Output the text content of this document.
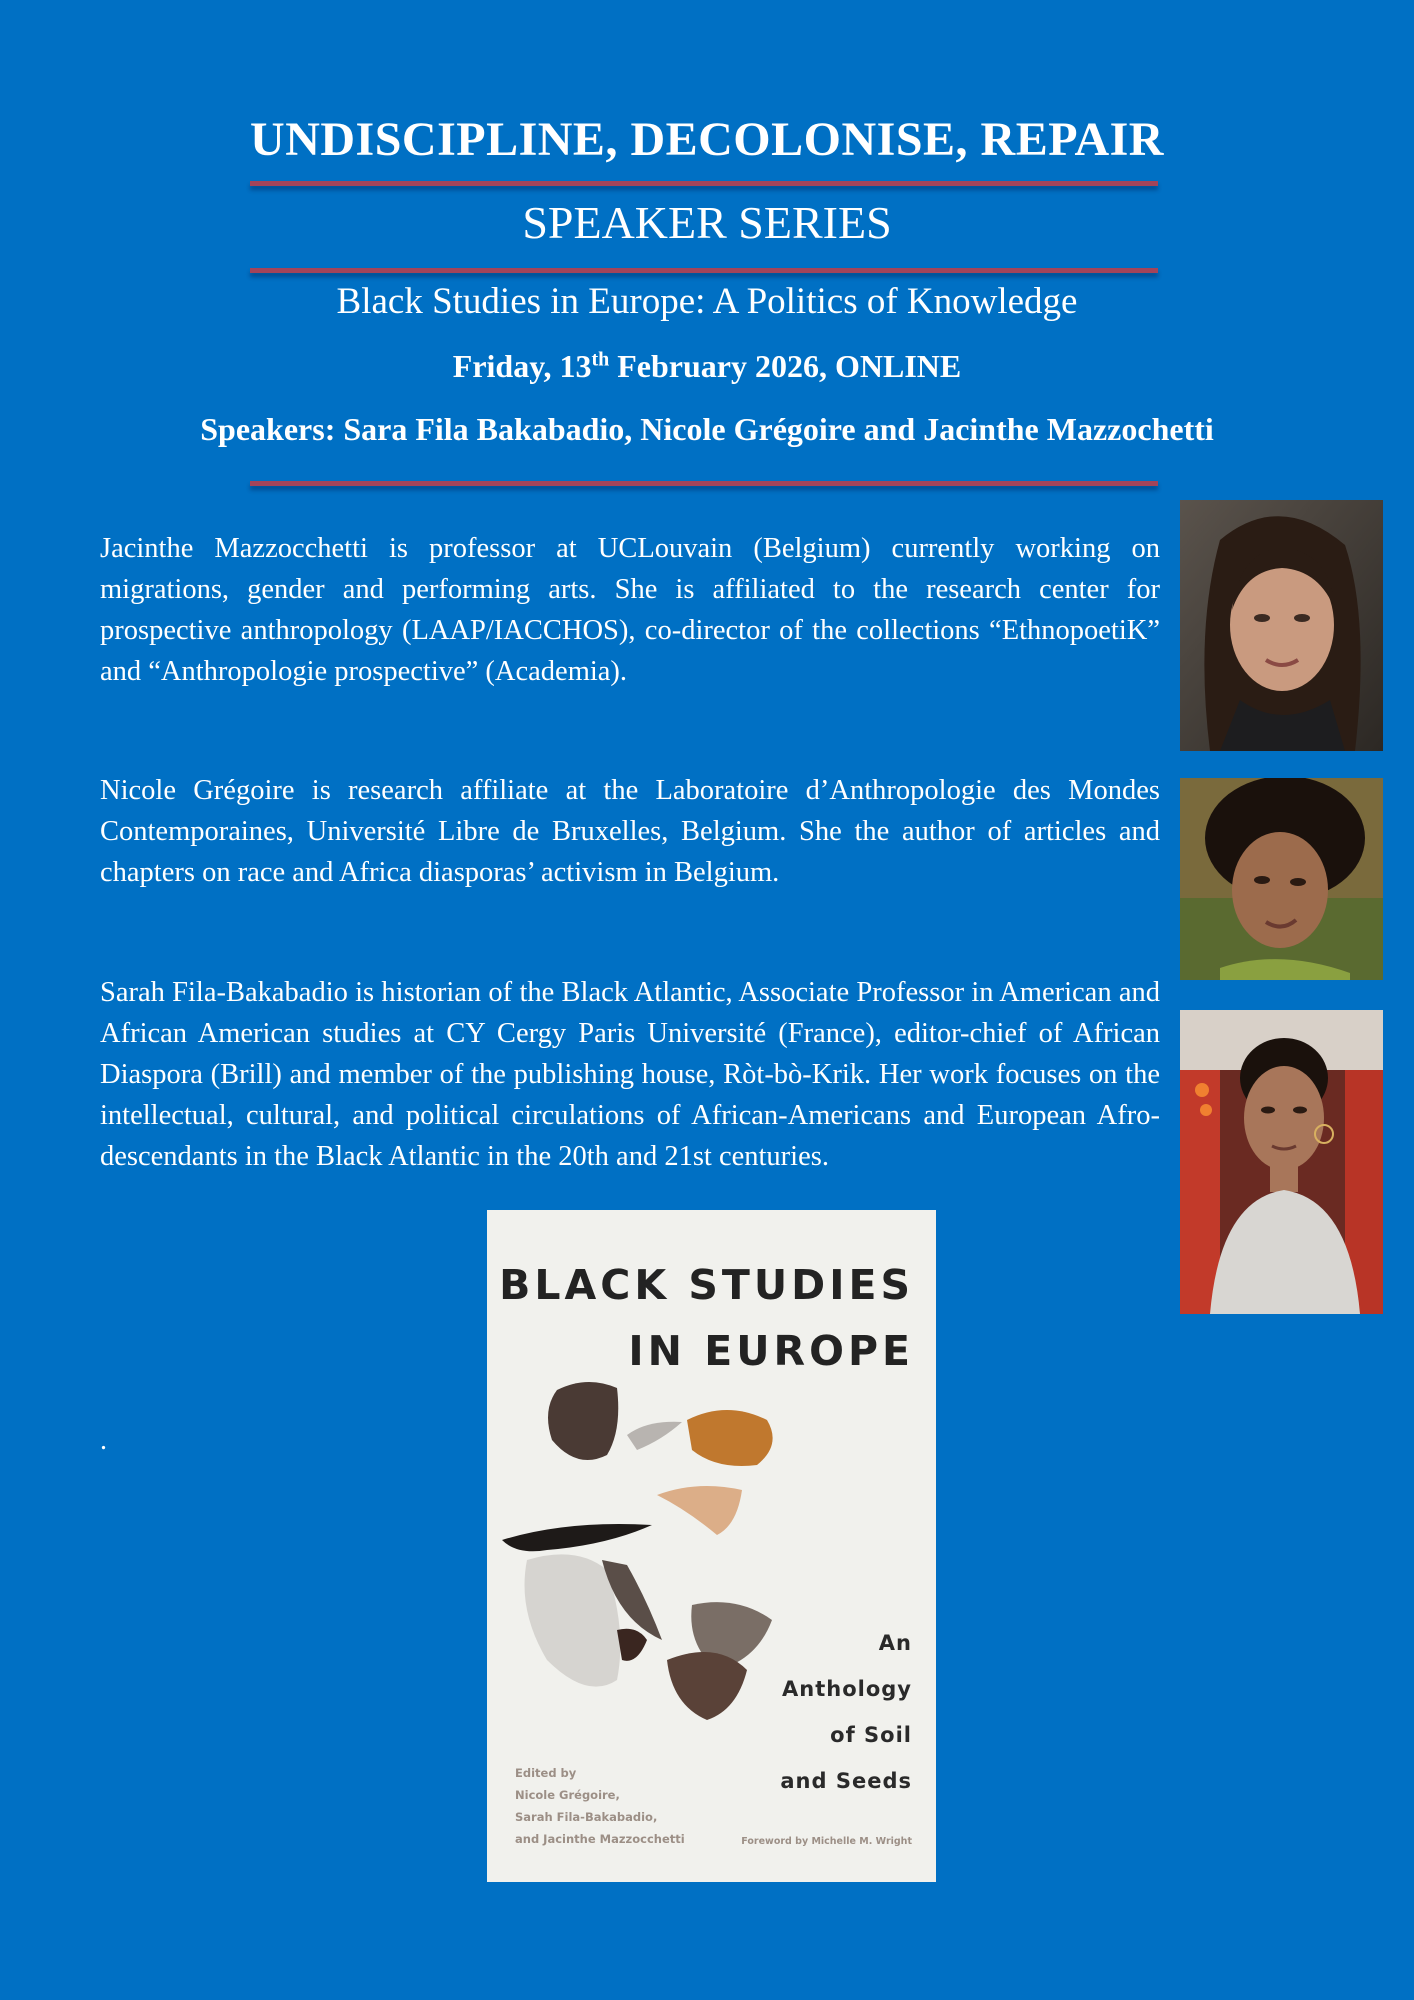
UNDISCIPLINE, DECOLONISE, REPAIR
SPEAKER SERIES
Black Studies in Europe: A Politics of Knowledge
Friday, 13th February 2026, ONLINE
Speakers: Sara Fila Bakabadio, Nicole Grégoire and Jacinthe Mazzochetti
Jacinthe Mazzocchetti is professor at UCLouvain (Belgium) currently working on migrations, gender and performing arts. She is affiliated to the research center for prospective anthropology (LAAP/IACCHOS), co-director of the collections “EthnopoetiK” and “Anthropologie prospective” (Academia).
Nicole Grégoire is research affiliate at the Laboratoire d’Anthropologie des Mondes Contemporaines, Université Libre de Bruxelles, Belgium. She the author of articles and chapters on race and Africa diasporas’ activism in Belgium.
Sarah Fila-Bakabadio is historian of the Black Atlantic, Associate Professor in American and African American studies at CY Cergy Paris Université (France), editor-chief of African Diaspora (Brill) and member of the publishing house, Ròt-bò-Krik. Her work focuses on the intellectual, cultural, and political circulations of African-Americans and European Afro-descendants in the Black Atlantic in the 20th and 21st centuries.
.
BLACK STUDIES
IN EUROPE
An
Anthology
of Soil
and Seeds
Edited by
Nicole Grégoire,
Sarah Fila-Bakabadio,
and Jacinthe Mazzocchetti	Foreword by Michelle M. Wright
